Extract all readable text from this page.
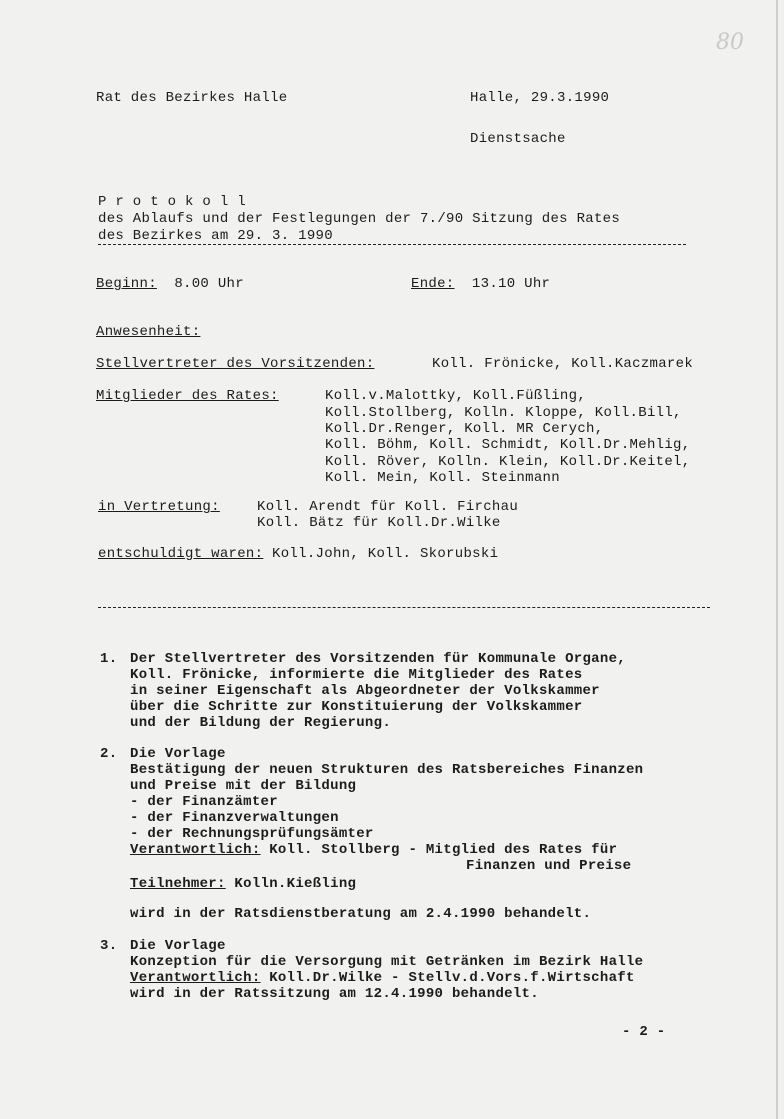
80
Rat des Bezirkes Halle	Halle, 29.3.1990
Dienstsache
P r o t o k o l l
des Ablaufs und der Festlegungen der 7./90 Sitzung des Rates
des Bezirkes am 29. 3. 1990
Beginn: 8.00 Uhr	Ende: 13.10 Uhr
Anwesenheit:
Stellvertreter des Vorsitzenden:	Koll. Frönicke, Koll.Kaczmarek
Mitglieder des Rates:	Koll.v.Malottky, Koll.Füßling,
Koll.Stollberg, Kolln. Kloppe, Koll.Bill,
Koll.Dr.Renger, Koll. MR Cerych,
Koll. Böhm, Koll. Schmidt, Koll.Dr.Mehlig,
Koll. Röver, Kolln. Klein, Koll.Dr.Keitel,
Koll. Mein, Koll. Steinmann
in Vertretung:	Koll. Arendt für Koll. Firchau
Koll. Bätz für Koll.Dr.Wilke
entschuldigt waren: Koll.John, Koll. Skorubski
1. Der Stellvertreter des Vorsitzenden für Kommunale Organe,
Koll. Frönicke, informierte die Mitglieder des Rates
in seiner Eigenschaft als Abgeordneter der Volkskammer
über die Schritte zur Konstituierung der Volkskammer
und der Bildung der Regierung.
2. Die Vorlage
Bestätigung der neuen Strukturen des Ratsbereiches Finanzen
und Preise mit der Bildung
- der Finanzämter
- der Finanzverwaltungen
- der Rechnungsprüfungsämter
Verantwortlich: Koll. Stollberg - Mitglied des Rates für
Finanzen und Preise
Teilnehmer: Kolln.Kießling
wird in der Ratsdienstberatung am 2.4.1990 behandelt.
3. Die Vorlage
Konzeption für die Versorgung mit Getränken im Bezirk Halle
Verantwortlich: Koll.Dr.Wilke - Stellv.d.Vors.f.Wirtschaft
wird in der Ratssitzung am 12.4.1990 behandelt.
- 2 -
